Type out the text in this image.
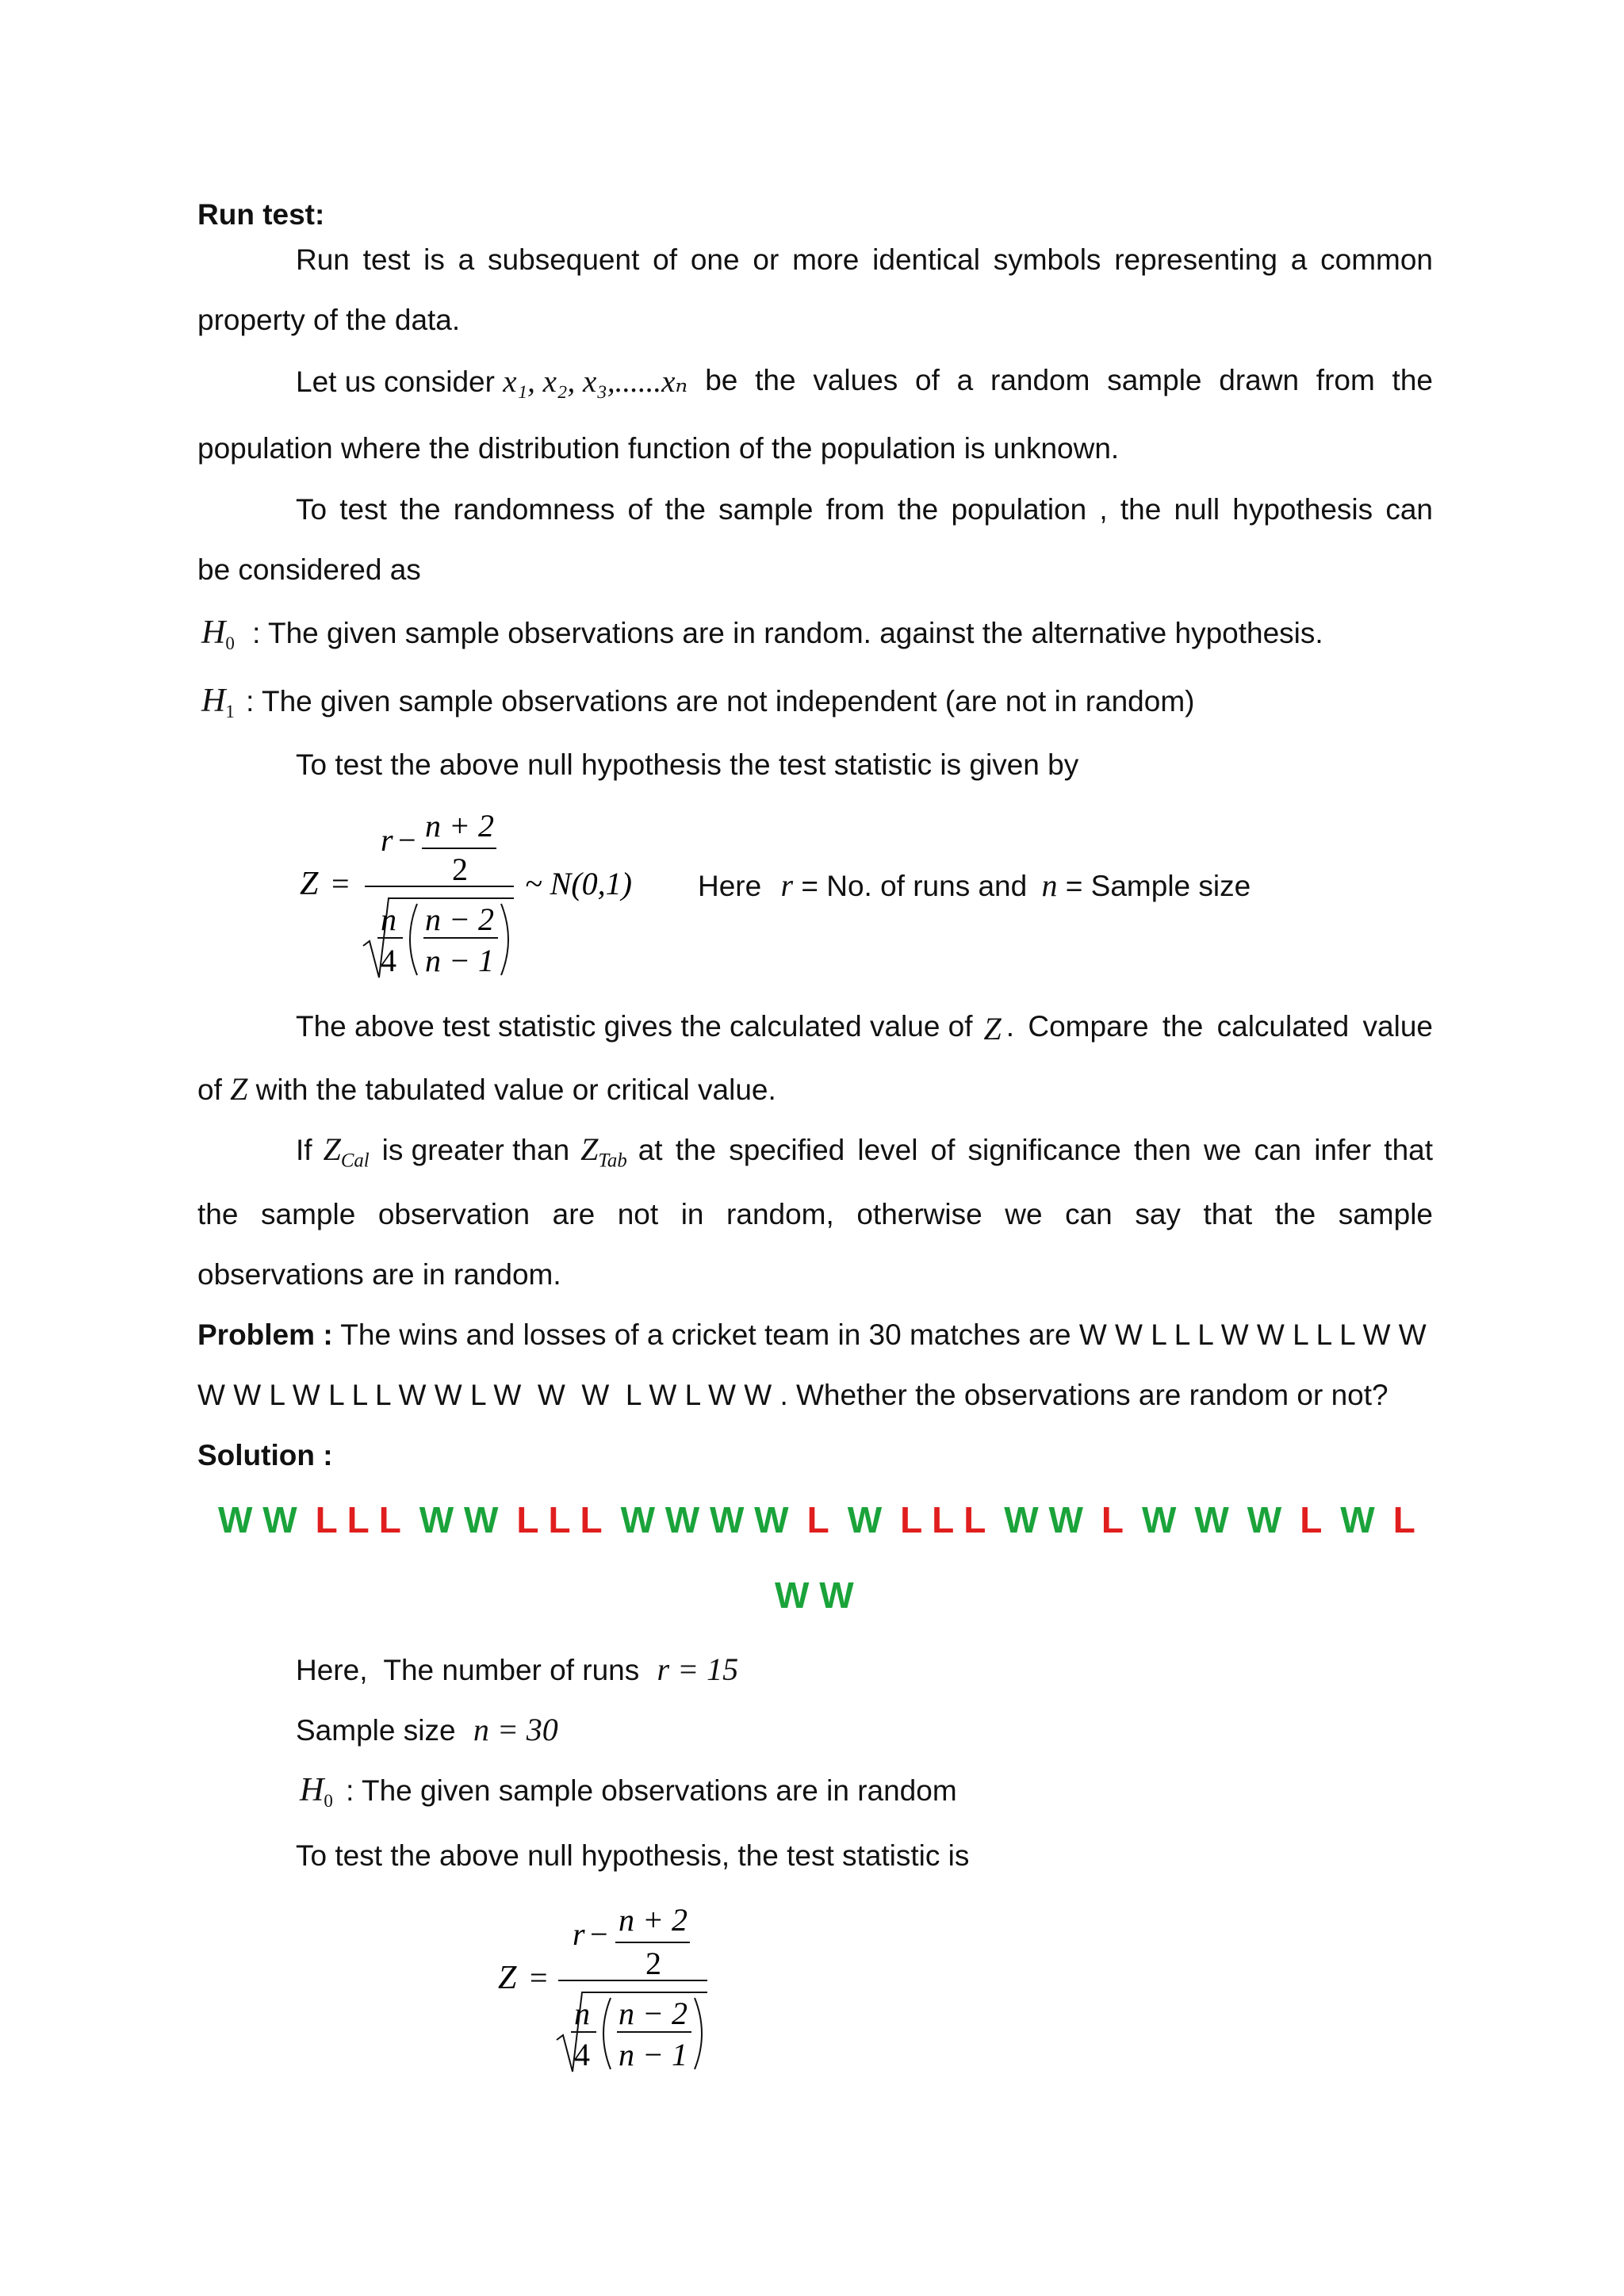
Run test:
Run test is a subsequent of one or more identical symbols representing a common
property of the data.
Let us consider x₁, x₂, x₃,......xₙ be the values of a random sample drawn from the
population where the distribution function of the population is unknown.
To test the randomness of the sample from the population , the null hypothesis can
be considered as
$H_0$ : The given sample observations are in random. against the alternative hypothesis.
$H_1$ : The given sample observations are not independent (are not in random)
To test the above null hypothesis the test statistic is given by
Z =
r − n + 2
2
n
4
n − 2
n − 1
~ N(0,1) Here r = No. of runs and n = Sample size
The above test statistic gives the calculated value of Z . Compare the calculated value
of Z with the tabulated value or critical value.
If $Z_{Cal}$ is greater than $Z_{Tab}$ at the specified level of significance then we can infer that
the sample observation are not in random, otherwise we can say that the sample
observations are in random.
Problem : The wins and losses of a cricket team in 30 matches are W W L L L W W L L L W W
W W L W L L L W W L W  W  W  L W L W W . Whether the observations are random or not?
Solution :
W W L L L W W L L L W W W W L W L L L W W L W W W L W L
W W
Here,  The number of runs r = 15
Sample size n = 30
$H_0$ : The given sample observations are in random
To test the above null hypothesis, the test statistic is
Z =
r − n + 2
2
n
4
n − 2
n − 1
